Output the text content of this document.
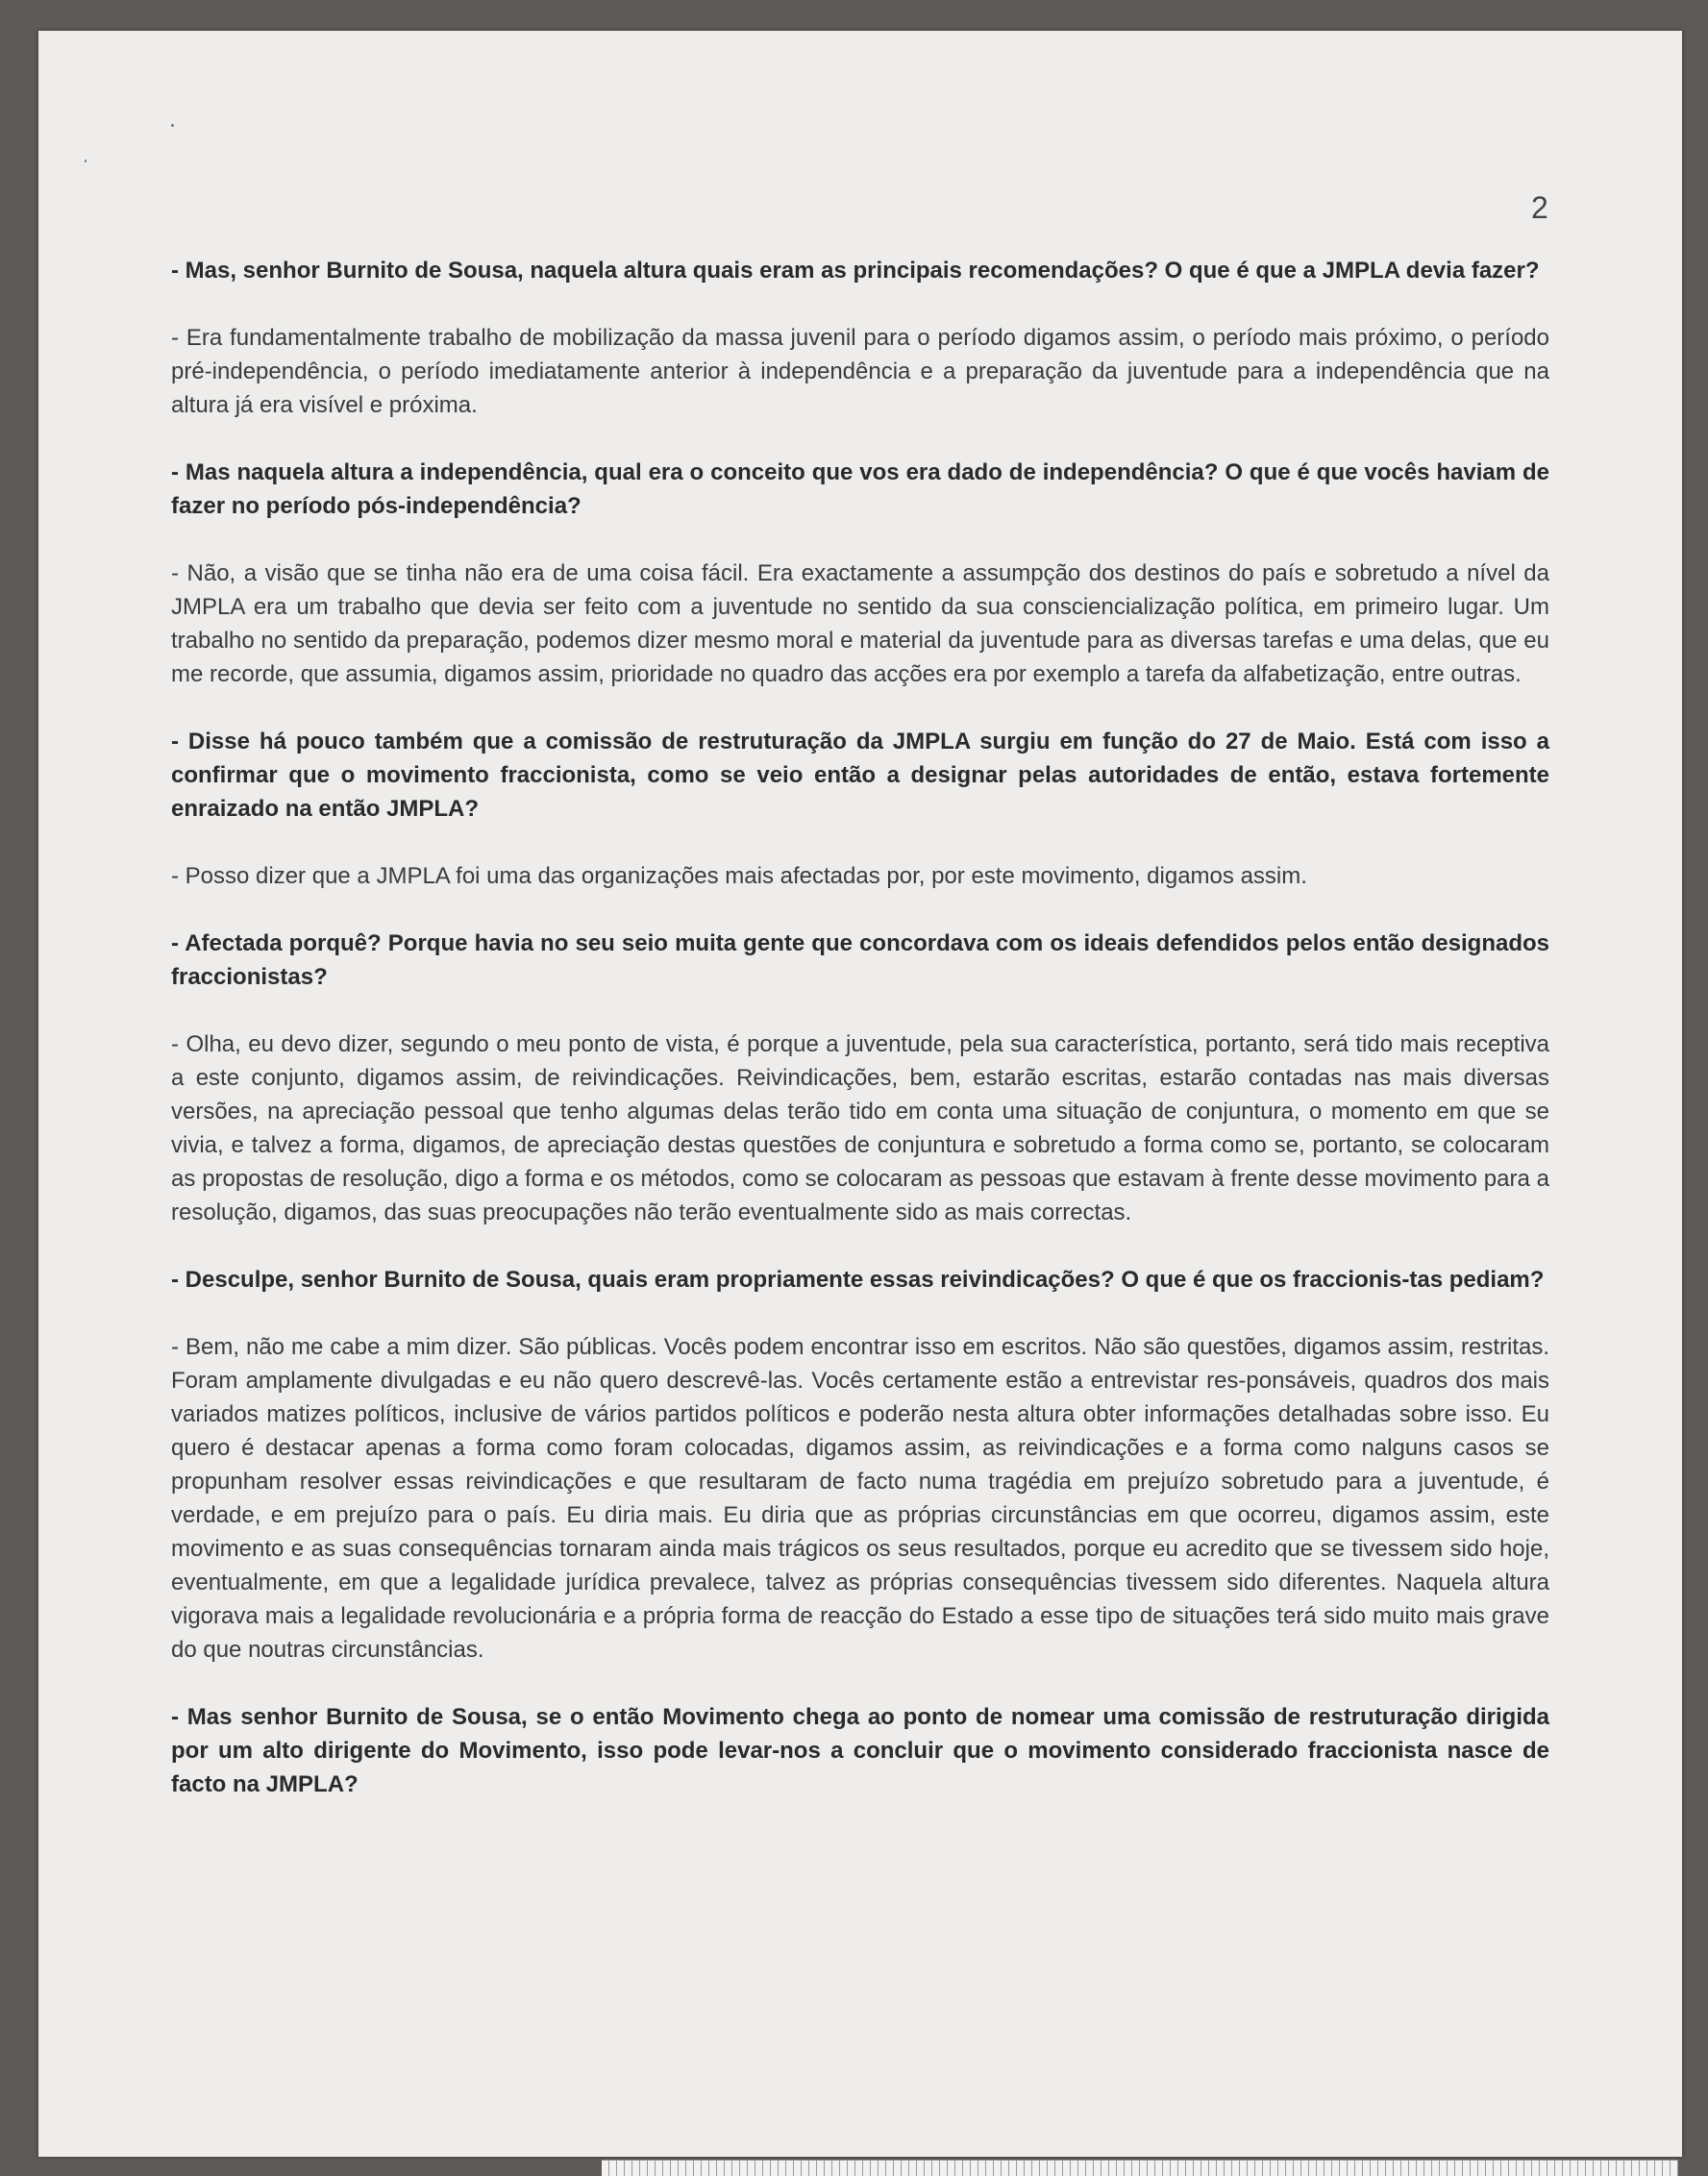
2

- Mas, senhor Burnito de Sousa, naquela altura quais eram as principais recomendações? O que é que a JMPLA devia fazer?

- Era fundamentalmente trabalho de mobilização da massa juvenil para o período digamos assim, o período mais próximo, o período pré-independência, o período imediatamente anterior à independência e a preparação da juventude para a independência que na altura já era visível e próxima.

- Mas naquela altura a independência, qual era o conceito que vos era dado de independência? O que é que vocês haviam de fazer no período pós-independência?

- Não, a visão que se tinha não era de uma coisa fácil. Era exactamente a assumpção dos destinos do país e sobretudo a nível da JMPLA era um trabalho que devia ser feito com a juventude no sentido da sua consciencialização política, em primeiro lugar. Um trabalho no sentido da preparação, podemos dizer mesmo moral e material da juventude para as diversas tarefas e uma delas, que eu me recorde, que assumia, digamos assim, prioridade no quadro das acções era por exemplo a tarefa da alfabetização, entre outras.

- Disse há pouco também que a comissão de restruturação da JMPLA surgiu em função do 27 de Maio. Está com isso a confirmar que o movimento fraccionista, como se veio então a designar pelas autoridades de então, estava fortemente enraizado na então JMPLA?

- Posso dizer que a JMPLA foi uma das organizações mais afectadas por, por este movimento, digamos assim.

- Afectada porquê? Porque havia no seu seio muita gente que concordava com os ideais defendidos pelos então designados fraccionistas?

- Olha, eu devo dizer, segundo o meu ponto de vista, é porque a juventude, pela sua característica, portanto, será tido mais receptiva a este conjunto, digamos assim, de reivindicações. Reivindicações, bem, estarão escritas, estarão contadas nas mais diversas versões, na apreciação pessoal que tenho algumas delas terão tido em conta uma situação de conjuntura, o momento em que se vivia, e talvez a forma, digamos, de apreciação destas questões de conjuntura e sobretudo a forma como se, portanto, se colocaram as propostas de resolução, digo a forma e os métodos, como se colocaram as pessoas que estavam à frente desse movimento para a resolução, digamos, das suas preocupações não terão eventualmente sido as mais correctas.

- Desculpe, senhor Burnito de Sousa, quais eram propriamente essas reivindicações? O que é que os fraccionis-tas pediam?

- Bem, não me cabe a mim dizer. São públicas. Vocês podem encontrar isso em escritos. Não são questões, digamos assim, restritas. Foram amplamente divulgadas e eu não quero descrevê-las. Vocês certamente estão a entrevistar res-ponsáveis, quadros dos mais variados matizes políticos, inclusive de vários partidos políticos e poderão nesta altura obter informações detalhadas sobre isso. Eu quero é destacar apenas a forma como foram colocadas, digamos assim, as reivindicações e a forma como nalguns casos se propunham resolver essas reivindicações e que resultaram de facto numa tragédia em prejuízo sobretudo para a juventude, é verdade, e em prejuízo para o país. Eu diria mais. Eu diria que as próprias circunstâncias em que ocorreu, digamos assim, este movimento e as suas consequências tornaram ainda mais trágicos os seus resultados, porque eu acredito que se tivessem sido hoje, eventualmente, em que a legalidade jurídica prevalece, talvez as próprias consequências tivessem sido diferentes. Naquela altura vigorava mais a legalidade revolucionária e a própria forma de reacção do Estado a esse tipo de situações terá sido muito mais grave do que noutras circunstâncias.

- Mas senhor Burnito de Sousa, se o então Movimento chega ao ponto de nomear uma comissão de restruturação dirigida por um alto dirigente do Movimento, isso pode levar-nos a concluir que o movimento considerado fraccionista nasce de facto na JMPLA?
